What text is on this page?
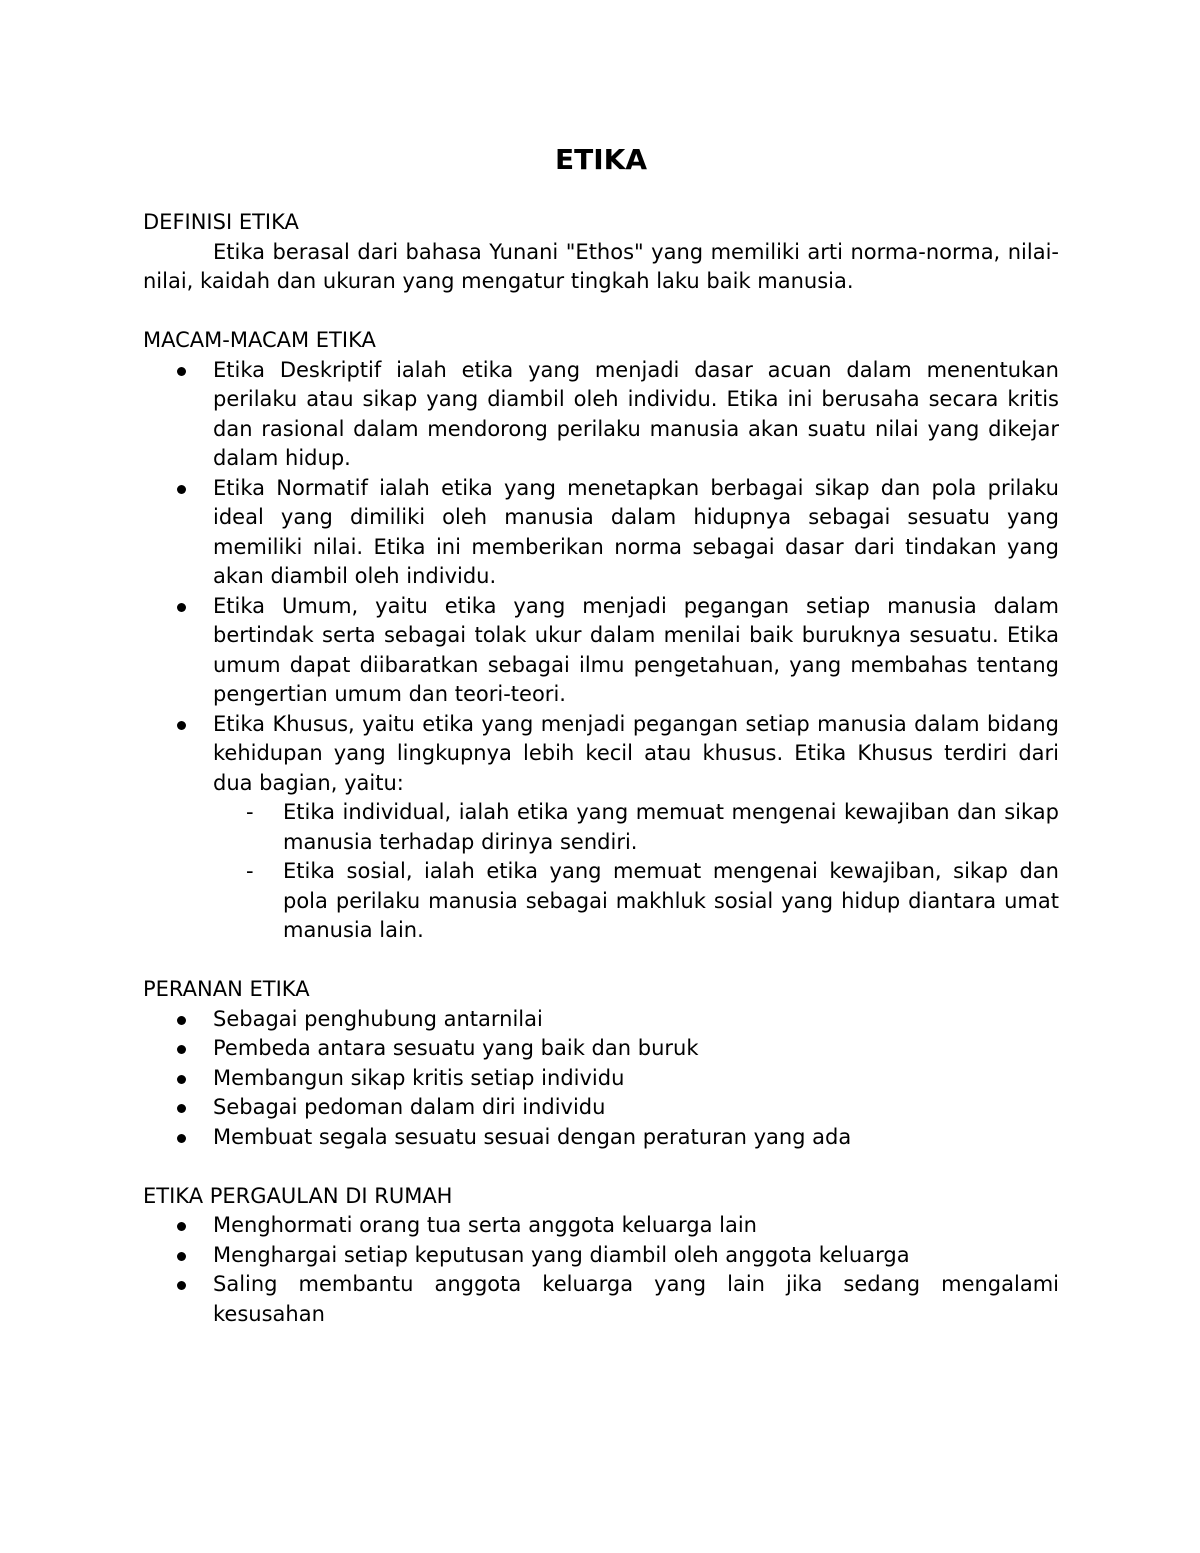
ETIKA
DEFINISI ETIKA

Etika berasal dari bahasa Yunani "Ethos" yang memiliki arti norma-norma, nilai-nilai, kaidah dan ukuran yang mengatur tingkah laku baik manusia.

MACAM-MACAM ETIKA
Etika Deskriptif ialah etika yang menjadi dasar acuan dalam menentukan perilaku atau sikap yang diambil oleh individu. Etika ini berusaha secara kritis dan rasional dalam mendorong perilaku manusia akan suatu nilai yang dikejar dalam hidup.
Etika Normatif ialah etika yang menetapkan berbagai sikap dan pola prilaku ideal yang dimiliki oleh manusia dalam hidupnya sebagai sesuatu yang memiliki nilai. Etika ini memberikan norma sebagai dasar dari tindakan yang akan diambil oleh individu.
Etika Umum, yaitu etika yang menjadi pegangan setiap manusia dalam bertindak serta sebagai tolak ukur dalam menilai baik buruknya sesuatu. Etika umum dapat diibaratkan sebagai ilmu pengetahuan, yang membahas tentang pengertian umum dan teori-teori.
Etika Khusus, yaitu etika yang menjadi pegangan setiap manusia dalam bidang kehidupan yang lingkupnya lebih kecil atau khusus. Etika Khusus terdiri dari dua bagian, yaitu:
- Etika individual, ialah etika yang memuat mengenai kewajiban dan sikap manusia terhadap dirinya sendiri.
- Etika sosial, ialah etika yang memuat mengenai kewajiban, sikap dan pola perilaku manusia sebagai makhluk sosial yang hidup diantara umat manusia lain.
PERANAN ETIKA
Sebagai penghubung antarnilai
Pembeda antara sesuatu yang baik dan buruk
Membangun sikap kritis setiap individu
Sebagai pedoman dalam diri individu
Membuat segala sesuatu sesuai dengan peraturan yang ada
ETIKA PERGAULAN DI RUMAH
Menghormati orang tua serta anggota keluarga lain
Menghargai setiap keputusan yang diambil oleh anggota keluarga
Saling membantu anggota keluarga yang lain jika sedang mengalami kesusahan
